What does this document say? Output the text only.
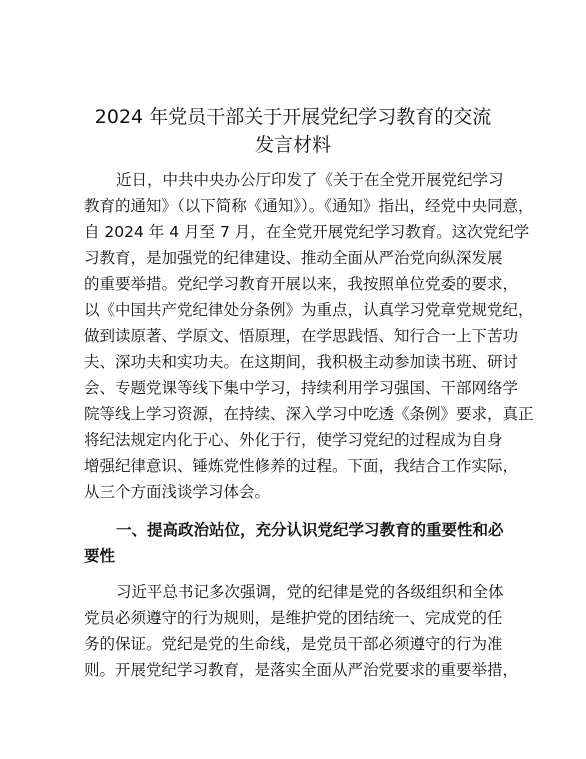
2024 年党员干部关于开展党纪学习教育的交流
发言材料
近日，中共中央办公厅印发了《关于在全党开展党纪学习
教育的通知》（以下简称《通知》）。《通知》指出，经党中央同意，
自 2024 年 4 月至 7 月，在全党开展党纪学习教育。这次党纪学
习教育，是加强党的纪律建设、推动全面从严治党向纵深发展
的重要举措。党纪学习教育开展以来，我按照单位党委的要求，
以《中国共产党纪律处分条例》为重点，认真学习党章党规党纪，
做到读原著、学原文、悟原理，在学思践悟、知行合一上下苦功
夫、深功夫和实功夫。在这期间，我积极主动参加读书班、研讨
会、专题党课等线下集中学习，持续利用学习强国、干部网络学
院等线上学习资源，在持续、深入学习中吃透《条例》要求，真正
将纪法规定内化于心、外化于行，使学习党纪的过程成为自身
增强纪律意识、锤炼党性修养的过程。下面，我结合工作实际，
从三个方面浅谈学习体会。
一、提高政治站位，充分认识党纪学习教育的重要性和必
要性
习近平总书记多次强调，党的纪律是党的各级组织和全体
党员必须遵守的行为规则，是维护党的团结统一、完成党的任
务的保证。党纪是党的生命线，是党员干部必须遵守的行为准
则。开展党纪学习教育，是落实全面从严治党要求的重要举措，
